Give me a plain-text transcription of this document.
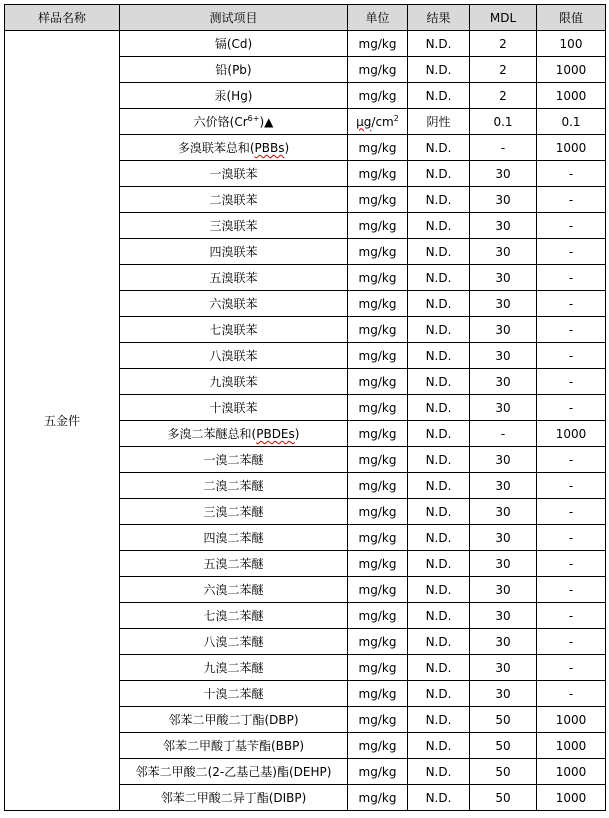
样品名称	测试项目	单位	结果	MDL	限值
五金件	镉(Cd)	mg/kg	N.D.	2	100
	铅(Pb)	mg/kg	N.D.	2	1000
	汞(Hg)	mg/kg	N.D.	2	1000
	六价铬$(Cr^{6+})▲$	$\mu g/cm^2$	阴性	0.1	0.1
	多溴联苯总和(PBBs)	mg/kg	N.D.	-	1000
	一溴联苯	mg/kg	N.D.	30	-
	二溴联苯	mg/kg	N.D.	30	-
	三溴联苯	mg/kg	N.D.	30	-
	四溴联苯	mg/kg	N.D.	30	-
	五溴联苯	mg/kg	N.D.	30	-
	六溴联苯	mg/kg	N.D.	30	-
	七溴联苯	mg/kg	N.D.	30	-
	八溴联苯	mg/kg	N.D.	30	-
	九溴联苯	mg/kg	N.D.	30	-
	十溴联苯	mg/kg	N.D.	30	-
	多溴二苯醚总和(PBDEs)	mg/kg	N.D.	-	1000
	一溴二苯醚	mg/kg	N.D.	30	-
	二溴二苯醚	mg/kg	N.D.	30	-
	三溴二苯醚	mg/kg	N.D.	30	-
	四溴二苯醚	mg/kg	N.D.	30	-
	五溴二苯醚	mg/kg	N.D.	30	-
	六溴二苯醚	mg/kg	N.D.	30	-
	七溴二苯醚	mg/kg	N.D.	30	-
	八溴二苯醚	mg/kg	N.D.	30	-
	九溴二苯醚	mg/kg	N.D.	30	-
	十溴二苯醚	mg/kg	N.D.	30	-
	邻苯二甲酸二丁酯(DBP)	mg/kg	N.D.	50	1000
	邻苯二甲酸丁基苄酯(BBP)	mg/kg	N.D.	50	1000
	邻苯二甲酸二(2-乙基己基)酯(DEHP)	mg/kg	N.D.	50	1000
	邻苯二甲酸二异丁酯(DIBP)	mg/kg	N.D.	50	1000
